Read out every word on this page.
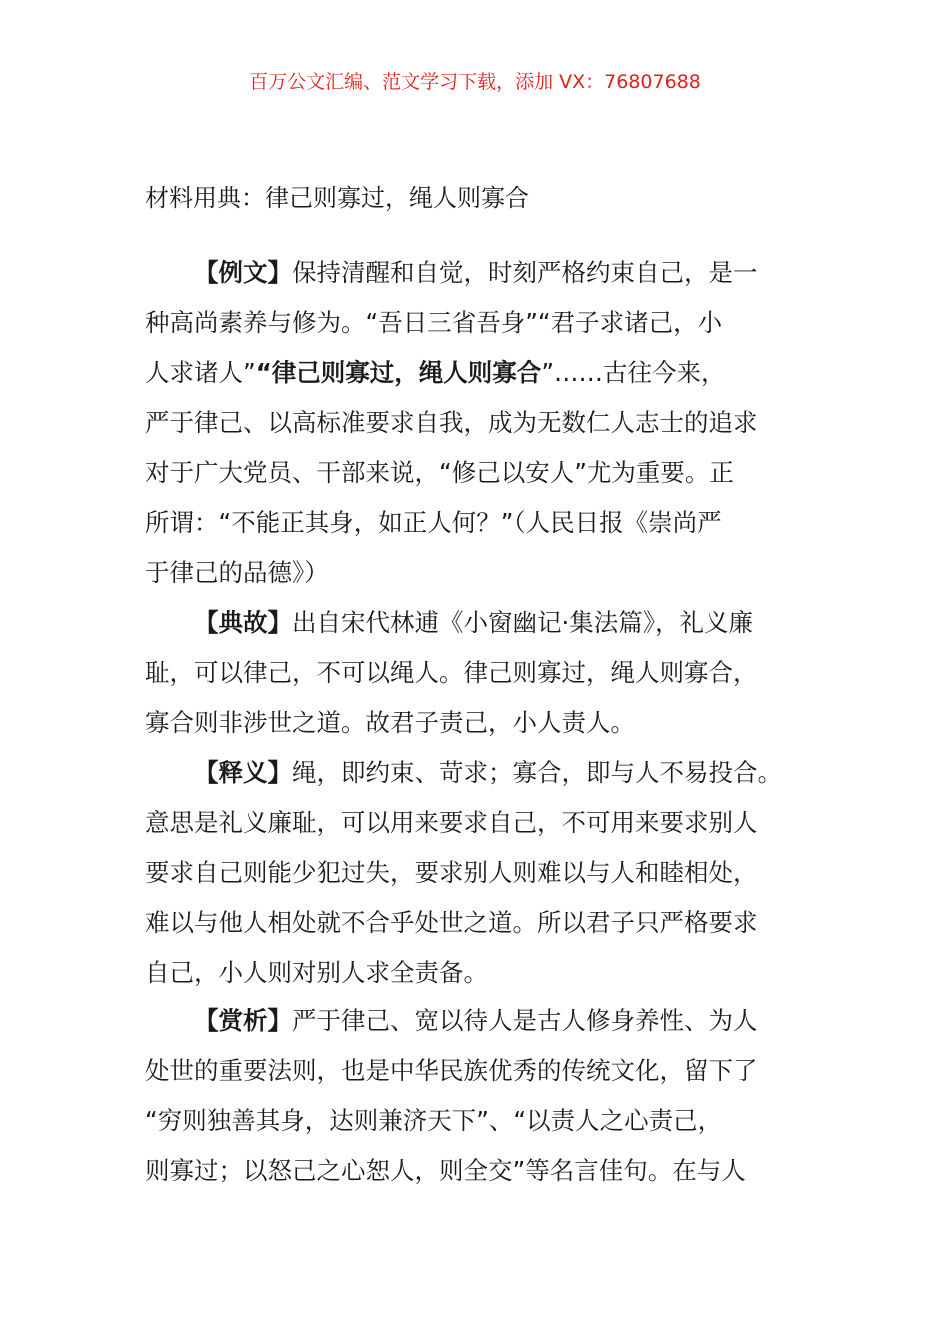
百万公文汇编、范文学习下载，添加 VX：76807688
材料用典：律己则寡过，绳人则寡合
【例文】保持清醒和自觉，时刻严格约束自己，是一
种高尚素养与修为。“吾日三省吾身”“君子求诸己，小
人求诸人”“律己则寡过，绳人则寡合”……古往今来，
严于律己、以高标准要求自我，成为无数仁人志士的追求
对于广大党员、干部来说，“修己以安人”尤为重要。正
所谓：“不能正其身，如正人何？”（人民日报《崇尚严
于律己的品德》）
【典故】出自宋代林逋《小窗幽记·集法篇》，礼义廉
耻，可以律己，不可以绳人。律己则寡过，绳人则寡合，
寡合则非涉世之道。故君子责己，小人责人。
【释义】绳，即约束、苛求；寡合，即与人不易投合。
意思是礼义廉耻，可以用来要求自己，不可用来要求别人
要求自己则能少犯过失，要求别人则难以与人和睦相处，
难以与他人相处就不合乎处世之道。所以君子只严格要求
自己，小人则对别人求全责备。
【赏析】严于律己、宽以待人是古人修身养性、为人
处世的重要法则，也是中华民族优秀的传统文化，留下了
“穷则独善其身，达则兼济天下”、“以责人之心责己，
则寡过；以怒己之心恕人，则全交”等名言佳句。在与人
